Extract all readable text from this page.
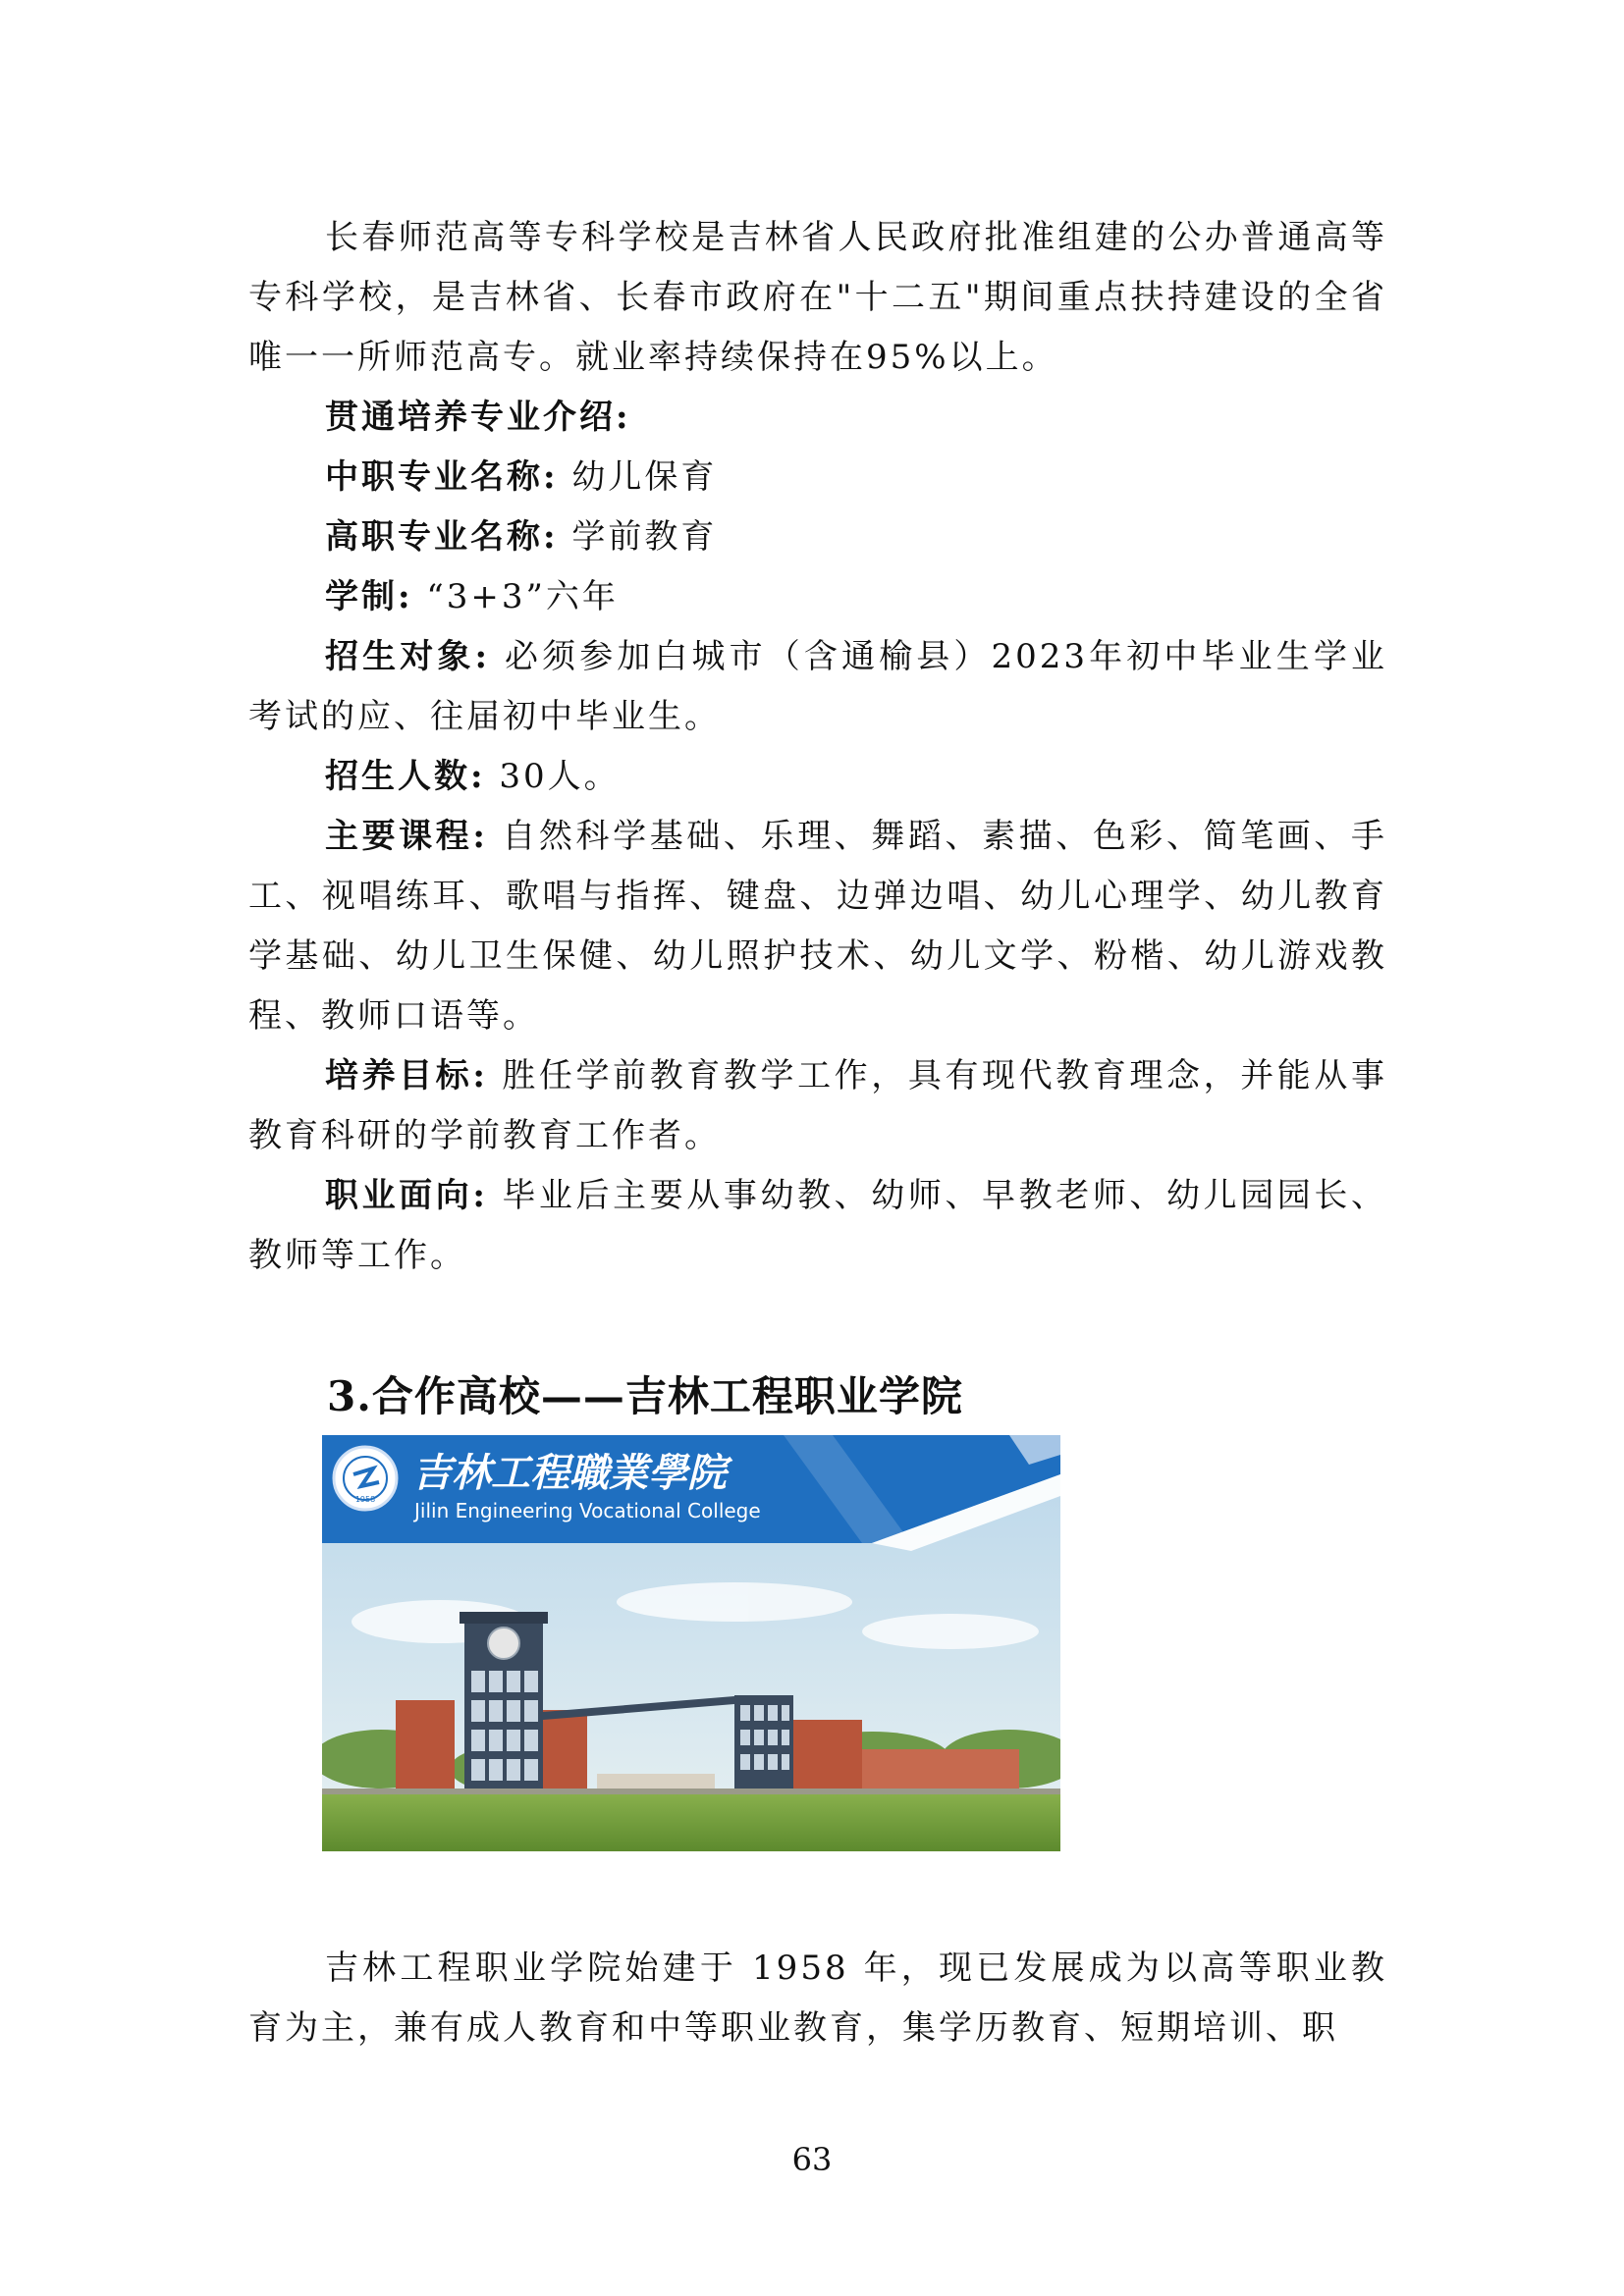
长春师范高等专科学校是吉林省人民政府批准组建的公办普通高等专科学校，是吉林省、长春市政府在"十二五"期间重点扶持建设的全省唯一一所师范高专。就业率持续保持在95%以上。

贯通培养专业介绍:

中职专业名称: 幼儿保育

高职专业名称: 学前教育

学制: “3+3”六年

招生对象: 必须参加白城市（含通榆县）2023年初中毕业生学业考试的应、往届初中毕业生。

招生人数: 30人。

主要课程: 自然科学基础、乐理、舞蹈、素描、色彩、简笔画、手工、视唱练耳、歌唱与指挥、键盘、边弹边唱、幼儿心理学、幼儿教育学基础、幼儿卫生保健、幼儿照护技术、幼儿文学、粉楷、幼儿游戏教程、教师口语等。

培养目标: 胜任学前教育教学工作，具有现代教育理念，并能从事教育科研的学前教育工作者。

职业面向: 毕业后主要从事幼教、幼师、早教老师、幼儿园园长、教师等工作。

3.合作高校——吉林工程职业学院
1958
吉林工程職業學院
Jilin Engineering Vocational College

吉林工程职业学院始建于 1958 年，现已发展成为以高等职业教育为主，兼有成人教育和中等职业教育，集学历教育、短期培训、职

63
